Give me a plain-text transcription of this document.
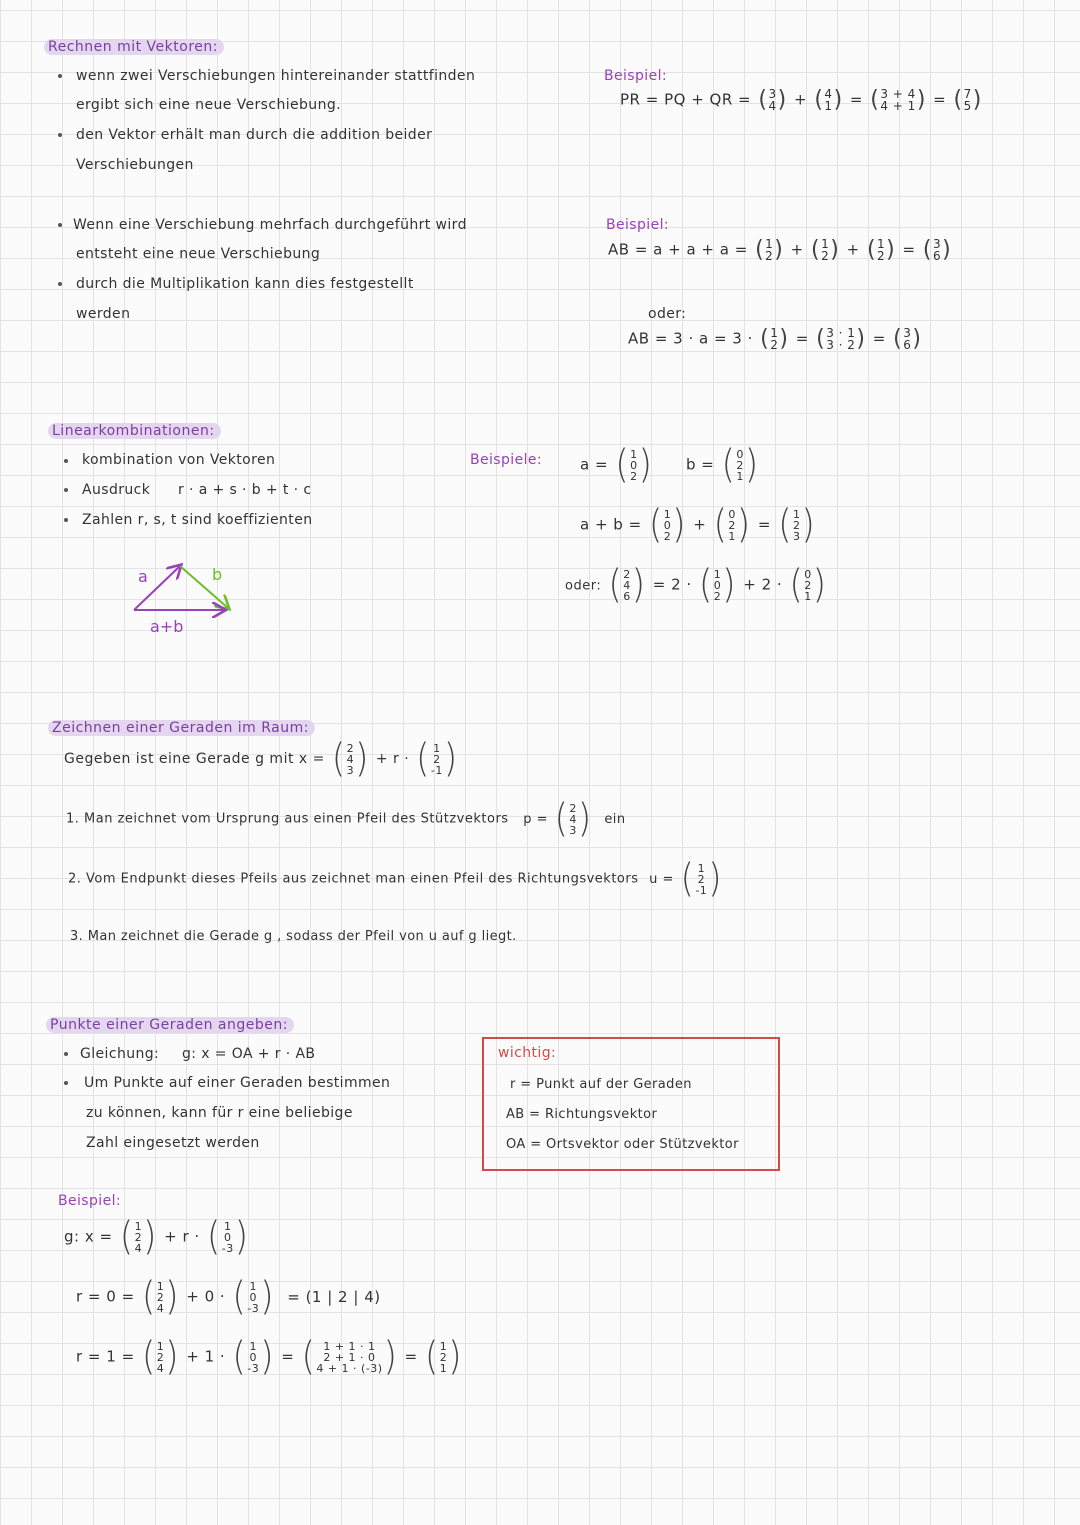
Rechnen mit Vektoren:
wenn zwei Verschiebungen hintereinander stattfinden
ergibt sich eine neue Verschiebung.
den Vektor erhält man durch die addition beider
Verschiebungen
Wenn eine Verschiebung mehrfach durchgeführt wird
entsteht eine neue Verschiebung
durch die Multiplikation kann dies festgestellt
werden
Beispiel:
PR = PQ + QR = ( 3
4 ) + ( 4
1 ) = ( 3 + 4
4 + 1 ) = ( 7
5 )
Beispiel:
AB = a + a + a = ( 1
2 ) + ( 1
2 ) + ( 1
2 ) = ( 3
6 )
oder:
AB = 3 · a = 3 · ( 1
2 ) = ( 3 · 1
3 · 2 ) = ( 3
6 )
Linearkombinationen:
kombination von Vektoren
Ausdruck r · a + s · b + t · c
Zahlen r, s, t sind koeffizienten
a	b
a+b
Beispiele:	a = ( 1
0
2 ) b = ( 0
2
1 )
a + b = ( 1
0
2 ) + ( 0
2
1 ) = ( 1
2
3 )
oder: ( 2
4
6 ) = 2 · ( 1
0
2 ) + 2 · ( 0
2
1 )
Zeichnen einer Geraden im Raum:
Gegeben ist eine Gerade g mit x = ( 2
4
3 ) + r · ( 1
2
-1 )
1. Man zeichnet vom Ursprung aus einen Pfeil des Stützvektors p = ( 2
4
3 ) ein
2. Vom Endpunkt dieses Pfeils aus zeichnet man einen Pfeil des Richtungsvektors u = ( 1
2
-1 )
3. Man zeichnet die Gerade g , sodass der Pfeil von u auf g liegt.
Punkte einer Geraden angeben:
Gleichung: g: x = OA + r · AB
Um Punkte auf einer Geraden bestimmen
zu können, kann für r eine beliebige
Zahl eingesetzt werden
wichtig:
r = Punkt auf der Geraden
AB = Richtungsvektor
OA = Ortsvektor oder Stützvektor
Beispiel:
g: x = ( 1
2
4 ) + r · ( 1
0
-3 )
r = 0 = ( 1
2
4 ) + 0 · ( 1
0
-3 ) = (1 | 2 | 4)
r = 1 = ( 1
2
4 ) + 1 · ( 1
0
-3 ) = ( 1 + 1 · 1
2 + 1 · 0
4 + 1 · (-3) ) = ( 1
2
1 )
